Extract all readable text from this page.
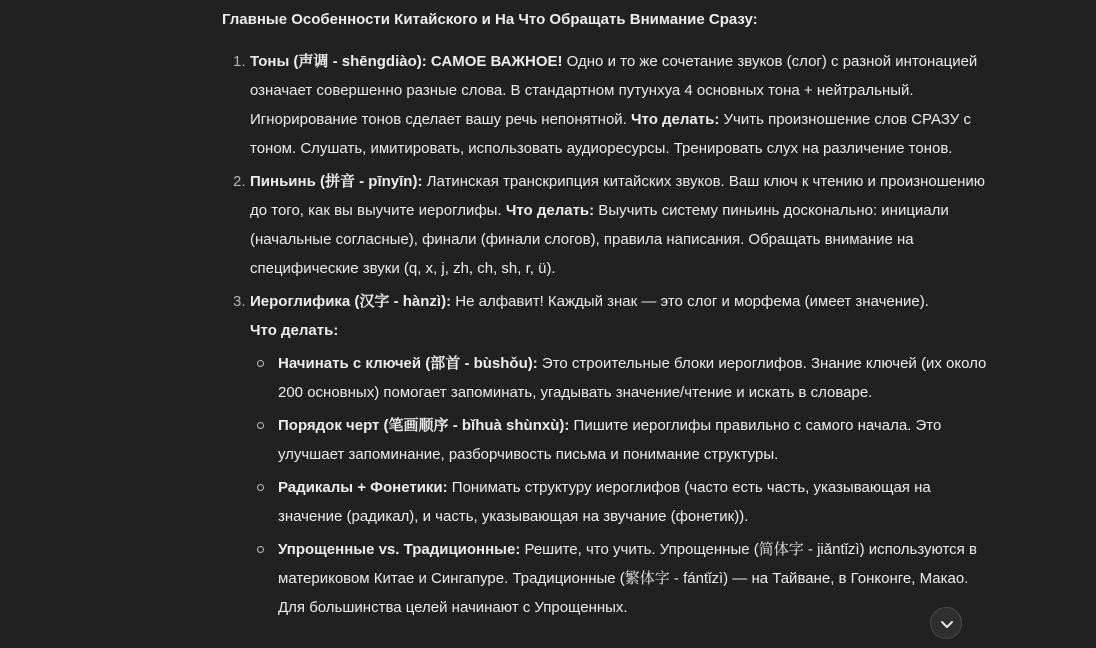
Главные Особенности Китайского и На Что Обращать Внимание Сразу:
1. Тоны (声调 - shēngdiào): САМОЕ ВАЖНОЕ! Одно и то же сочетание звуков (слог) с разной интонацией означает совершенно разные слова. В стандартном путунхуа 4 основных тона + нейтральный. Игнорирование тонов сделает вашу речь непонятной. Что делать: Учить произношение слов СРАЗУ с тоном. Слушать, имитировать, использовать аудиоресурсы. Тренировать слух на различение тонов.
2. Пиньинь (拼音 - pīnyīn): Латинская транскрипция китайских звуков. Ваш ключ к чтению и произношению до того, как вы выучите иероглифы. Что делать: Выучить систему пиньинь досконально: инициали (начальные согласные), финали (финали слогов), правила написания. Обращать внимание на специфические звуки (q, x, j, zh, ch, sh, r, ü).
3. Иероглифика (汉字 - hànzì): Не алфавит! Каждый знак — это слог и морфема (имеет значение).
Что делать:
Начинать с ключей (部首 - bùshǒu): Это строительные блоки иероглифов. Знание ключей (их около 200 основных) помогает запоминать, угадывать значение/чтение и искать в словаре.
Порядок черт (笔画顺序 - bǐhuà shùnxù): Пишите иероглифы правильно с самого начала. Это улучшает запоминание, разборчивость письма и понимание структуры.
Радикалы + Фонетики: Понимать структуру иероглифов (часто есть часть, указывающая на значение (радикал), и часть, указывающая на звучание (фонетик)).
Упрощенные vs. Традиционные: Решите, что учить. Упрощенные (简体字 - jiǎntǐzì) используются в материковом Китае и Сингапуре. Традиционные (繁体字 - fántǐzì) — на Тайване, в Гонконге, Макао. Для большинства целей начинают с Упрощенных.
